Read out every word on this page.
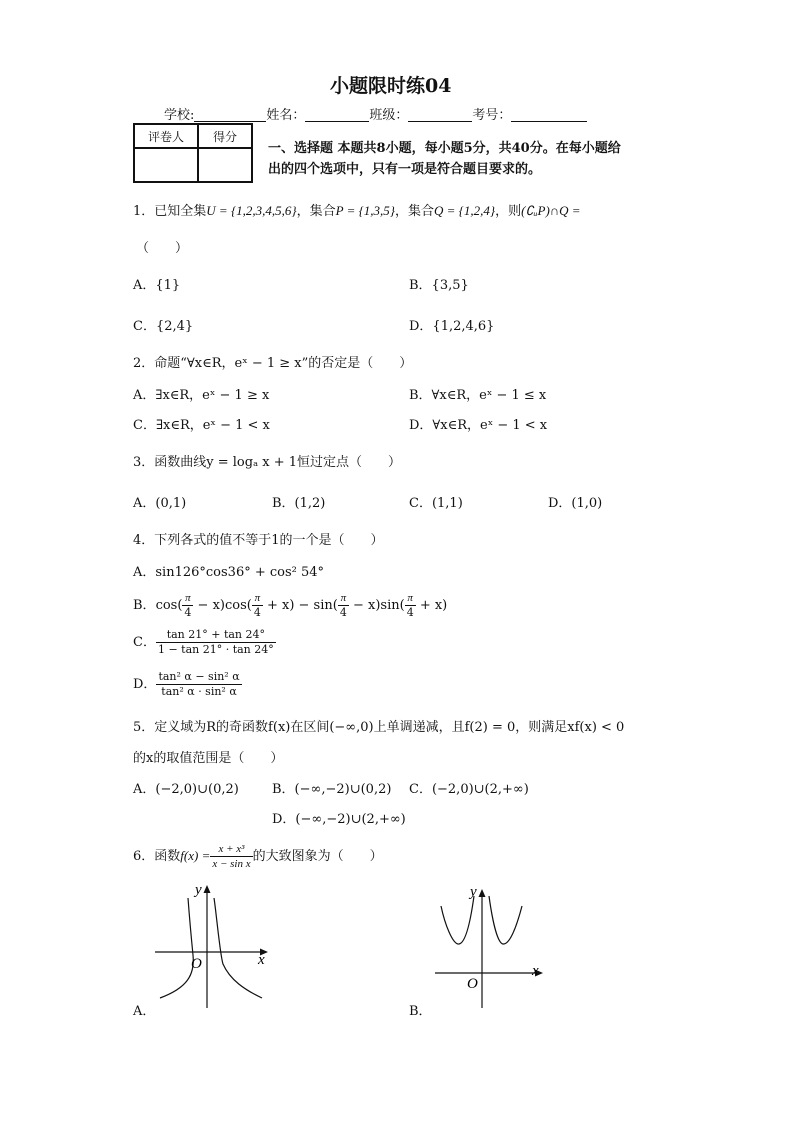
小题限时练04
学校:	姓名：	班级：	考号：
评卷人	得分

一、选择题 本题共8小题，每小题5分，共40分。在每小题给
出的四个选项中，只有一项是符合题目要求的。
1．已知全集U = {1,2,3,4,5,6}，集合P = {1,3,5}，集合Q = {1,2,4}，则(∁ᵤP)∩Q =
（　　）
A．{1}	B．{3,5}
C．{2,4}	D．{1,2,4,6}
2．命题“∀x∈R，eˣ − 1 ≥ x”的否定是（　　）
A．∃x∈R，eˣ − 1 ≥ x	B．∀x∈R，eˣ − 1 ≤ x
C．∃x∈R，eˣ − 1 < x	D．∀x∈R，eˣ − 1 < x
3．函数曲线y = logₐ x + 1恒过定点（　　）
A．(0,1)	B．(1,2)	C．(1,1)	D．(1,0)
4．下列各式的值不等于1的一个是（　　）
A．sin126°cos36° + cos² 54°
B．$\cos( \frac{\pi}{4} - x)\cos( \frac{\pi}{4} + x) - \sin( \frac{\pi}{4} - x)\sin( \frac{\pi}{4} + x)$
C． $\frac{\tan 21^\circ + \tan 24^\circ}{1 - \tan 21^\circ \cdot \tan 24^\circ}$
D． $\frac{\text{tan² α − sin² α}}{\text{tan² α · sin² α}}$
5．定义域为R的奇函数f(x)在区间(−∞,0)上单调递减，且f(2) = 0，则满足xf(x) < 0
的x的取值范围是（　　）
A．(−2,0)∪(0,2)	B．(−∞,−2)∪(0,2) C．(−2,0)∪(2,+∞)
D．(−∞,−2)∪(2,+∞)
6．函数$f(x) = \frac{\text{x + x³}}{\text{x − sin x}}$ 的大致图象为（　　）
x
y
O
A．
x
y
O
B．
